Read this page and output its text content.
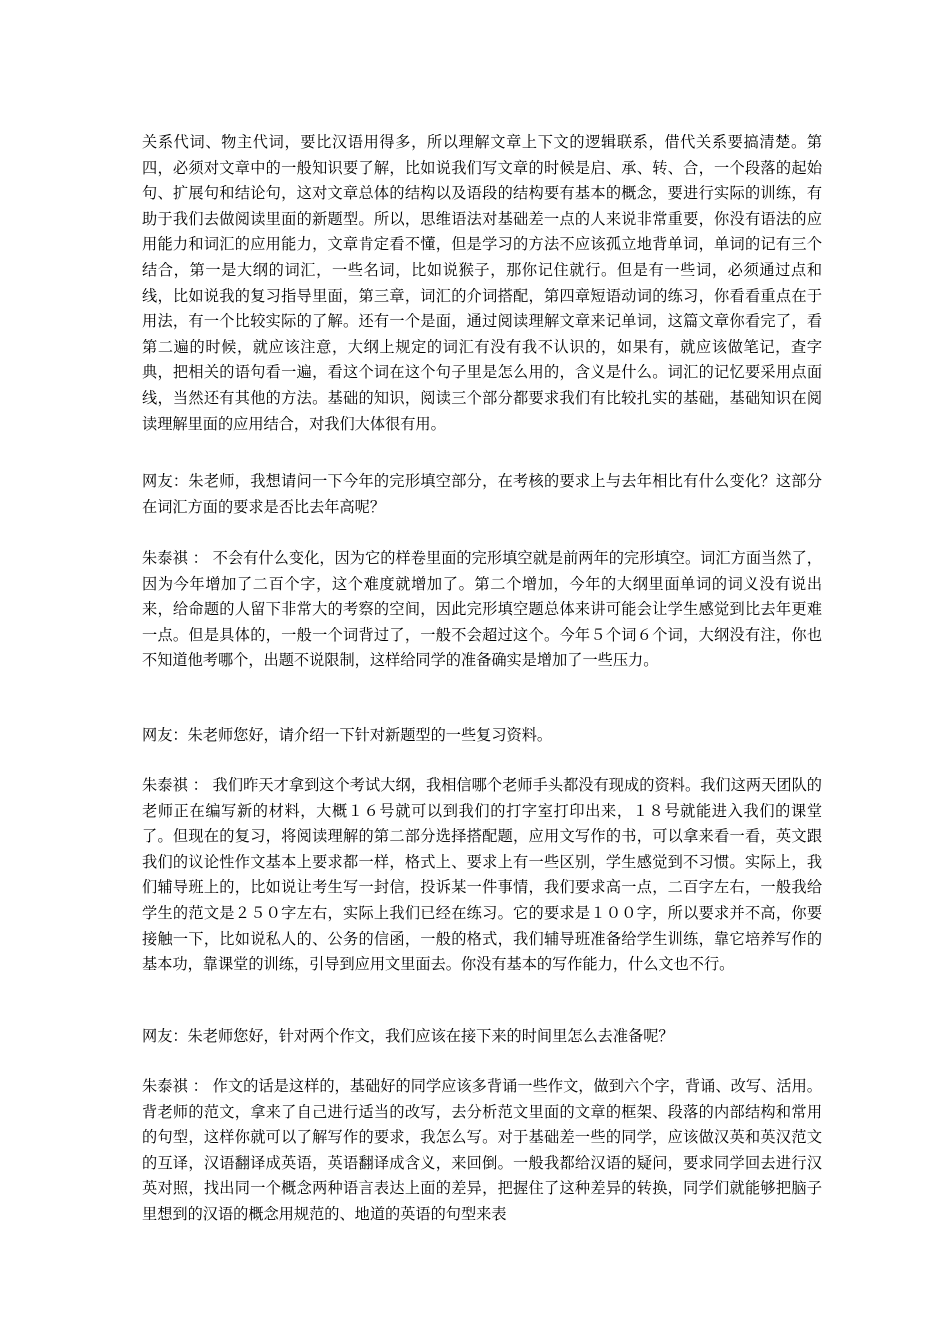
关系代词、物主代词，要比汉语用得多，所以理解文章上下文的逻辑联系，借代关系要搞清楚。第四，必须对文章中的一般知识要了解，比如说我们写文章的时候是启、承、转、合，一个段落的起始句、扩展句和结论句，这对文章总体的结构以及语段的结构要有基本的概念，要进行实际的训练，有助于我们去做阅读里面的新题型。所以，思维语法对基础差一点的人来说非常重要，你没有语法的应用能力和词汇的应用能力，文章肯定看不懂，但是学习的方法不应该孤立地背单词，单词的记有三个结合，第一是大纲的词汇，一些名词，比如说猴子，那你记住就行。但是有一些词，必须通过点和线，比如说我的复习指导里面，第三章，词汇的介词搭配，第四章短语动词的练习，你看看重点在于用法，有一个比较实际的了解。还有一个是面，通过阅读理解文章来记单词，这篇文章你看完了，看第二遍的时候，就应该注意，大纲上规定的词汇有没有我不认识的，如果有，就应该做笔记，查字典，把相关的语句看一遍，看这个词在这个句子里是怎么用的，含义是什么。词汇的记忆要采用点面线，当然还有其他的方法。基础的知识，阅读三个部分都要求我们有比较扎实的基础，基础知识在阅读理解里面的应用结合，对我们大体很有用。

网友：朱老师，我想请问一下今年的完形填空部分，在考核的要求上与去年相比有什么变化？这部分在词汇方面的要求是否比去年高呢？

朱泰祺 ： 不会有什么变化，因为它的样卷里面的完形填空就是前两年的完形填空。词汇方面当然了，因为今年增加了二百个字，这个难度就增加了。第二个增加，今年的大纲里面单词的词义没有说出来，给命题的人留下非常大的考察的空间，因此完形填空题总体来讲可能会让学生感觉到比去年更难一点。但是具体的，一般一个词背过了，一般不会超过这个。今年５个词６个词，大纲没有注，你也不知道他考哪个，出题不说限制，这样给同学的准备确实是增加了一些压力。

网友：朱老师您好，请介绍一下针对新题型的一些复习资料。

朱泰祺 ： 我们昨天才拿到这个考试大纲，我相信哪个老师手头都没有现成的资料。我们这两天团队的老师正在编写新的材料，大概１６号就可以到我们的打字室打印出来，１８号就能进入我们的课堂了。但现在的复习，将阅读理解的第二部分选择搭配题，应用文写作的书，可以拿来看一看，英文跟我们的议论性作文基本上要求都一样，格式上、要求上有一些区别，学生感觉到不习惯。实际上，我们辅导班上的，比如说让考生写一封信，投诉某一件事情，我们要求高一点，二百字左右，一般我给学生的范文是２５０字左右，实际上我们已经在练习。它的要求是１００字，所以要求并不高，你要接触一下，比如说私人的、公务的信函，一般的格式，我们辅导班准备给学生训练，靠它培养写作的基本功，靠课堂的训练，引导到应用文里面去。你没有基本的写作能力，什么文也不行。

网友：朱老师您好，针对两个作文，我们应该在接下来的时间里怎么去准备呢？

朱泰祺 ： 作文的话是这样的，基础好的同学应该多背诵一些作文，做到六个字，背诵、改写、活用。背老师的范文，拿来了自己进行适当的改写，去分析范文里面的文章的框架、段落的内部结构和常用的句型，这样你就可以了解写作的要求，我怎么写。对于基础差一些的同学，应该做汉英和英汉范文的互译，汉语翻译成英语，英语翻译成含义，来回倒。一般我都给汉语的疑问，要求同学回去进行汉英对照，找出同一个概念两种语言表达上面的差异，把握住了这种差异的转换，同学们就能够把脑子里想到的汉语的概念用规范的、地道的英语的句型来表
